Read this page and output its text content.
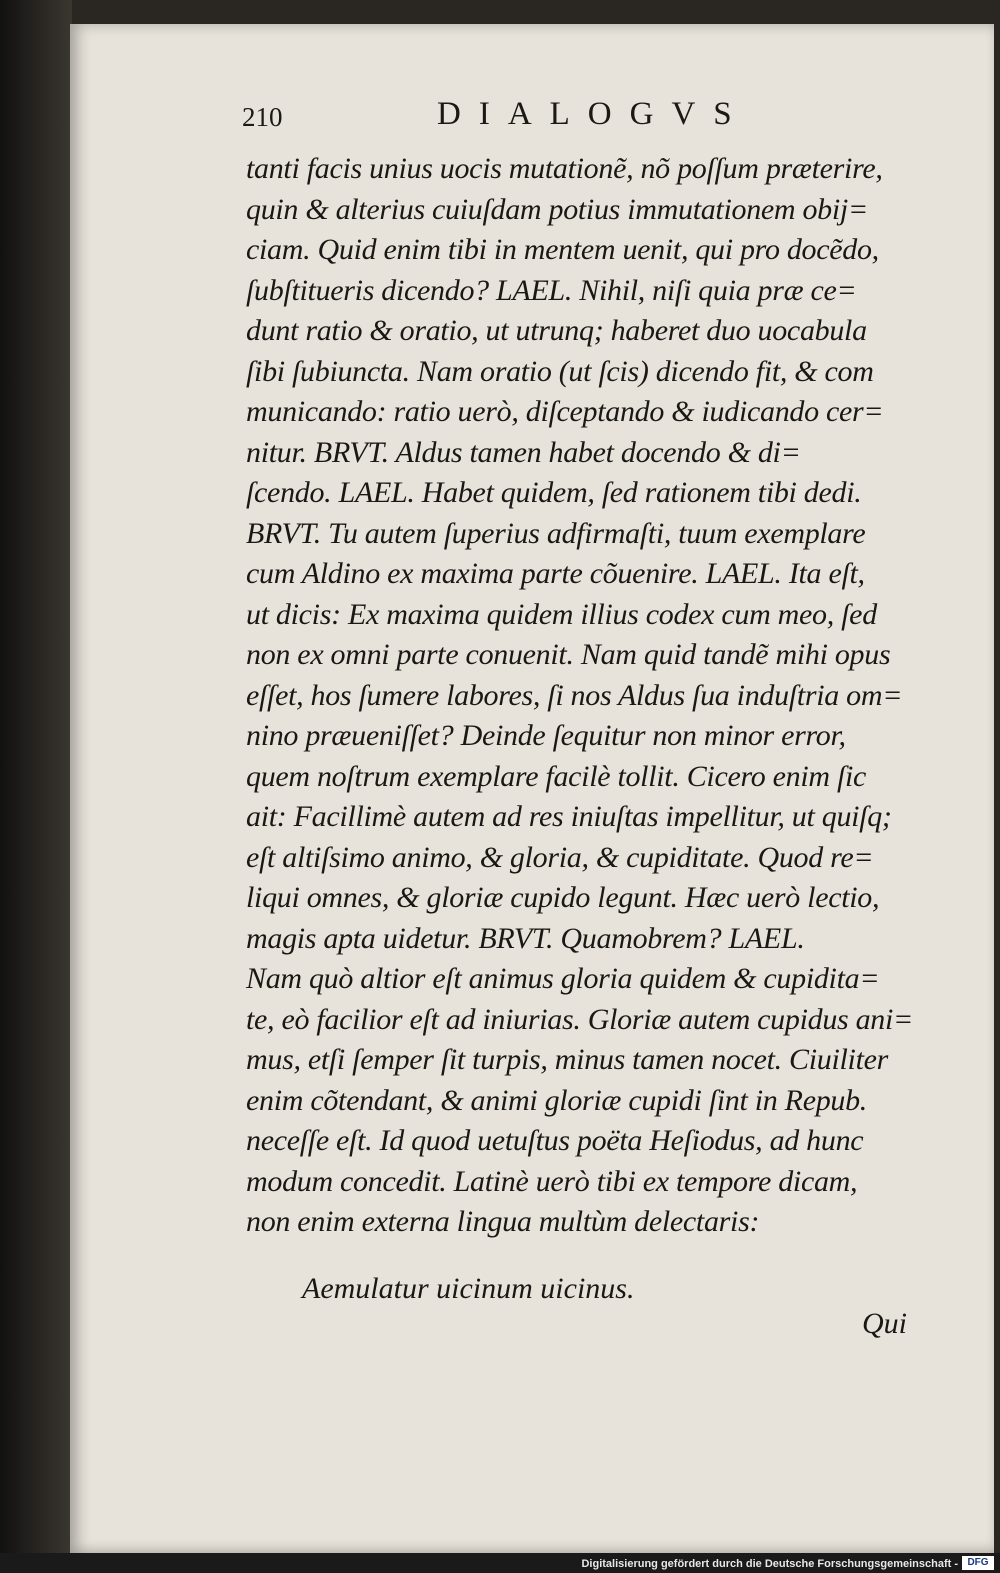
210	DIALOGVS
tanti facis unius uocis mutationẽ, nõ poſſum præterire,
quin & alterius cuiuſdam potius immutationem obij=
ciam. Quid enim tibi in mentem uenit, qui pro docẽdo,
ſubſtitueris dicendo? LAEL. Nihil, niſi quia præ ce=
dunt ratio & oratio, ut utrunq; haberet duo uocabula
ſibi ſubiuncta. Nam oratio (ut ſcis) dicendo fit, & com
municando: ratio uerò, diſceptando & iudicando cer=
nitur. BRVT. Aldus tamen habet docendo & di=
ſcendo. LAEL. Habet quidem, ſed rationem tibi dedi.
BRVT. Tu autem ſuperius adfirmaſti, tuum exemplare
cum Aldino ex maxima parte cõuenire. LAEL. Ita eſt,
ut dicis: Ex maxima quidem illius codex cum meo, ſed
non ex omni parte conuenit. Nam quid tandẽ mihi opus
eſſet, hos ſumere labores, ſi nos Aldus ſua induſtria om=
nino præueniſſet? Deinde ſequitur non minor error,
quem noſtrum exemplare facilè tollit. Cicero enim ſic
ait: Facillimè autem ad res iniuſtas impellitur, ut quiſq;
eſt altiſsimo animo, & gloria, & cupiditate. Quod re=
liqui omnes, & gloriæ cupido legunt. Hæc uerò lectio,
magis apta uidetur. BRVT. Quamobrem? LAEL.
Nam quò altior eſt animus gloria quidem & cupidita=
te, eò facilior eſt ad iniurias. Gloriæ autem cupidus ani=
mus, etſi ſemper ſit turpis, minus tamen nocet. Ciuiliter
enim cõtendant, & animi gloriæ cupidi ſint in Repub.
neceſſe eſt. Id quod uetuſtus poëta Heſiodus, ad hunc
modum concedit. Latinè uerò tibi ex tempore dicam,
non enim externa lingua multùm delectaris:
Aemulatur uicinum uicinus.
Qui
Digitalisierung gefördert durch die Deutsche Forschungsgemeinschaft - DFG
